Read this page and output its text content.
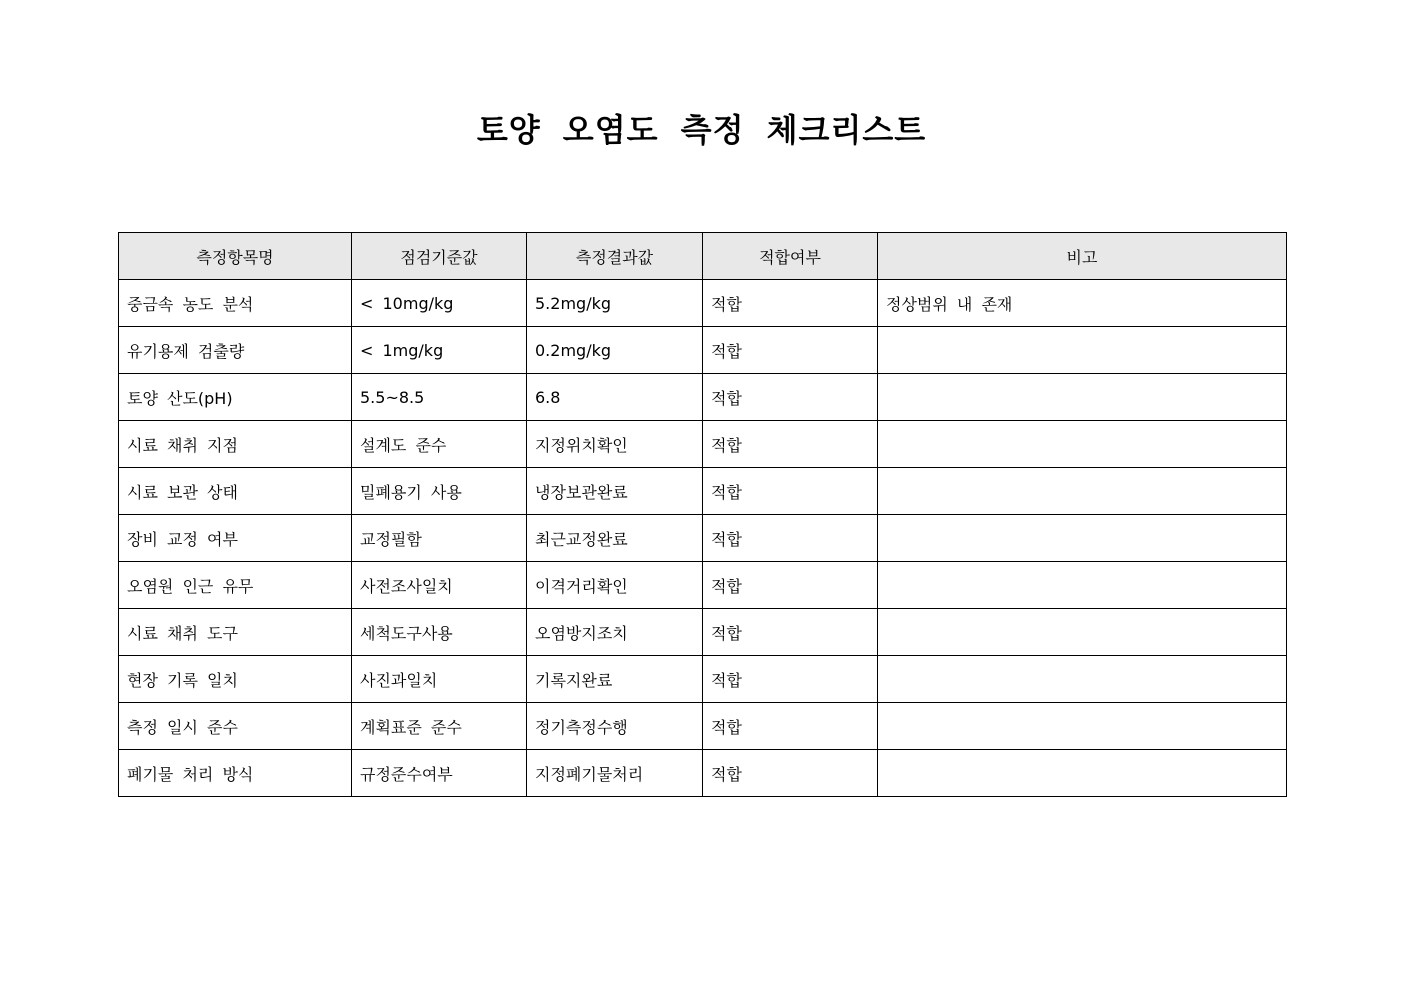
토양 오염도 측정 체크리스트
측정항목명	점검기준값	측정결과값	적합여부	비고
중금속 농도 분석	< 10mg/kg	5.2mg/kg	적합	정상범위 내 존재
유기용제 검출량	< 1mg/kg	0.2mg/kg	적합	
토양 산도(pH)	5.5~8.5	6.8	적합	
시료 채취 지점	설계도 준수	지정위치확인	적합	
시료 보관 상태	밀폐용기 사용	냉장보관완료	적합	
장비 교정 여부	교정필함	최근교정완료	적합	
오염원 인근 유무	사전조사일치	이격거리확인	적합	
시료 채취 도구	세척도구사용	오염방지조치	적합	
현장 기록 일치	사진과일치	기록지완료	적합	
측정 일시 준수	계획표준 준수	정기측정수행	적합	
폐기물 처리 방식	규정준수여부	지정폐기물처리	적합	
